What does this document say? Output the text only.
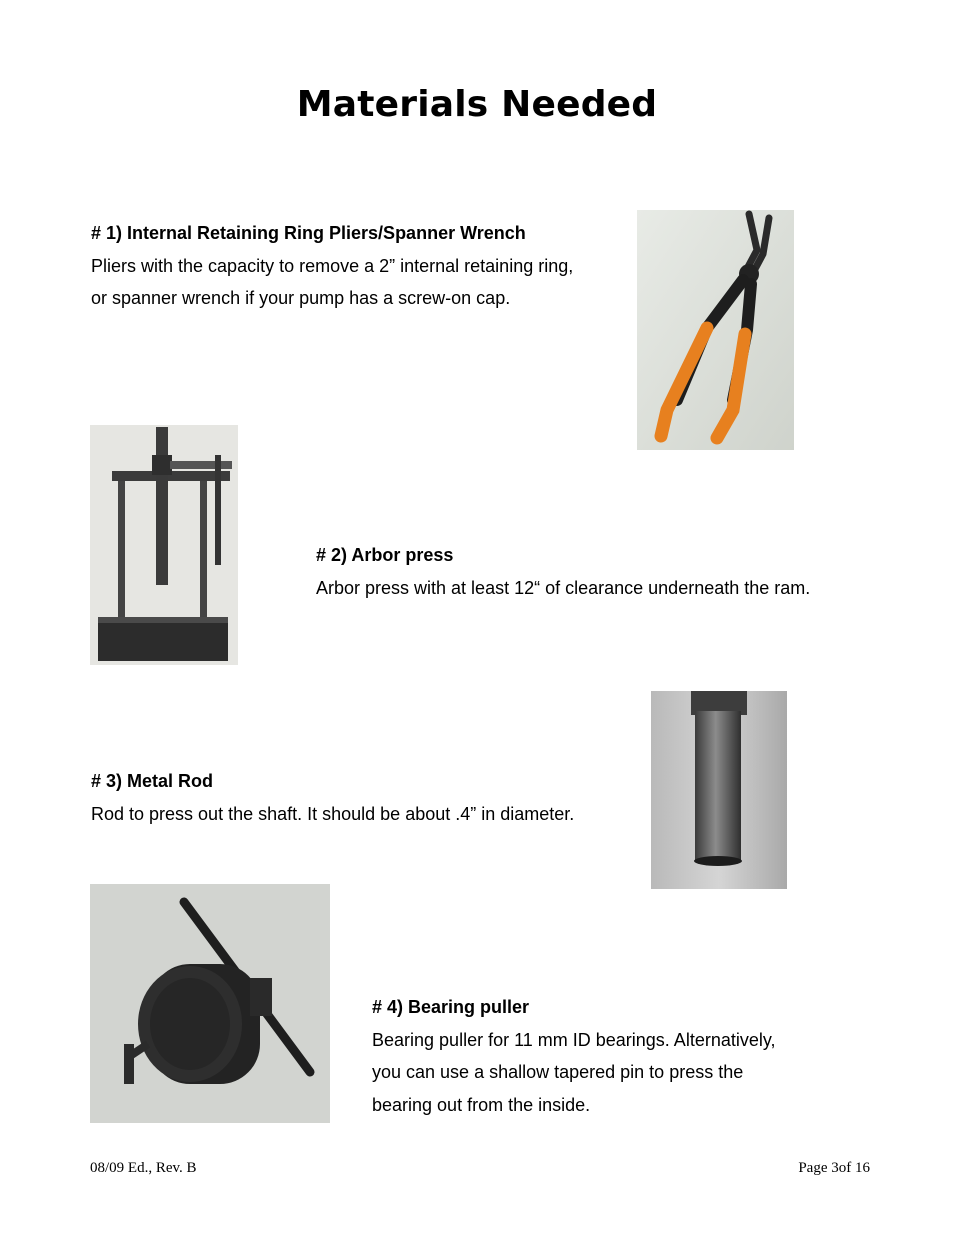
Materials Needed
# 1) Internal Retaining Ring Pliers/Spanner Wrench
Pliers with the capacity to remove a 2” internal retaining ring,
or spanner wrench if your pump has a screw-on cap.
# 2) Arbor press
Arbor press with at least 12“ of clearance underneath the ram.
# 3) Metal Rod
Rod to press out the shaft. It should be about .4” in diameter.
# 4) Bearing puller
Bearing puller for 11 mm ID bearings. Alternatively,
you can use a shallow tapered pin to press the
bearing out from the inside.
08/09 Ed., Rev. B	Page 3of 16
